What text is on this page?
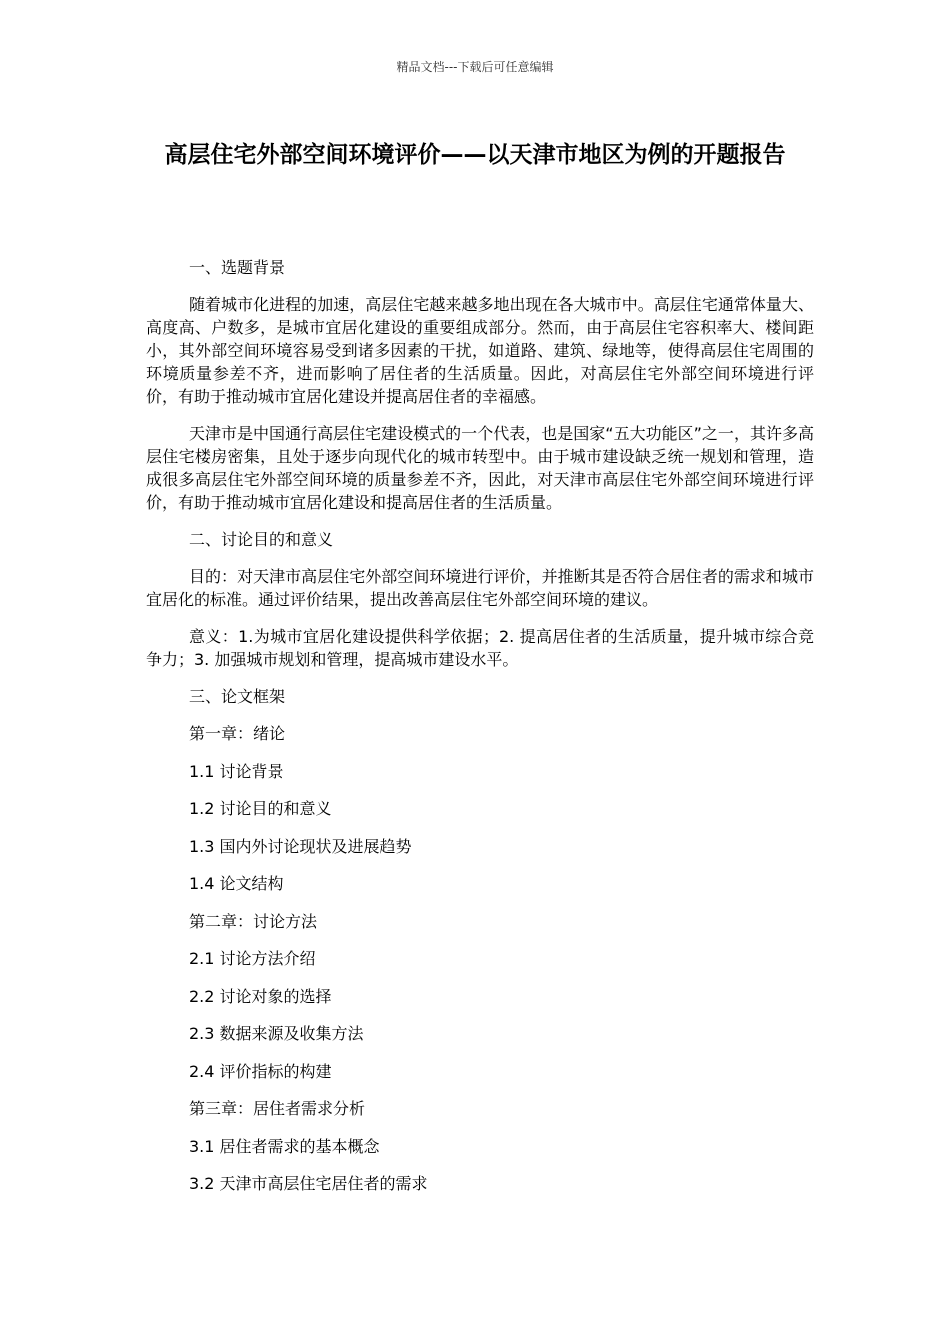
精品文档---下载后可任意编辑
高层住宅外部空间环境评价——以天津市地区为例的开题报告

一、选题背景

随着城市化进程的加速，高层住宅越来越多地出现在各大城市中。高层住宅通常体量大、高度高、户数多，是城市宜居化建设的重要组成部分。然而，由于高层住宅容积率大、楼间距小，其外部空间环境容易受到诸多因素的干扰，如道路、建筑、绿地等，使得高层住宅周围的环境质量参差不齐，进而影响了居住者的生活质量。因此，对高层住宅外部空间环境进行评价，有助于推动城市宜居化建设并提高居住者的幸福感。

天津市是中国通行高层住宅建设模式的一个代表，也是国家“五大功能区”之一，其许多高层住宅楼房密集，且处于逐步向现代化的城市转型中。由于城市建设缺乏统一规划和管理，造成很多高层住宅外部空间环境的质量参差不齐，因此，对天津市高层住宅外部空间环境进行评价，有助于推动城市宜居化建设和提高居住者的生活质量。

二、讨论目的和意义

目的：对天津市高层住宅外部空间环境进行评价，并推断其是否符合居住者的需求和城市宜居化的标准。通过评价结果，提出改善高层住宅外部空间环境的建议。

意义：1.为城市宜居化建设提供科学依据；2. 提高居住者的生活质量，提升城市综合竞争力；3. 加强城市规划和管理，提高城市建设水平。

三、论文框架

第一章：绪论
1.1 讨论背景
1.2 讨论目的和意义
1.3 国内外讨论现状及进展趋势
1.4 论文结构
第二章：讨论方法
2.1 讨论方法介绍
2.2 讨论对象的选择
2.3 数据来源及收集方法
2.4 评价指标的构建
第三章：居住者需求分析
3.1 居住者需求的基本概念
3.2 天津市高层住宅居住者的需求
